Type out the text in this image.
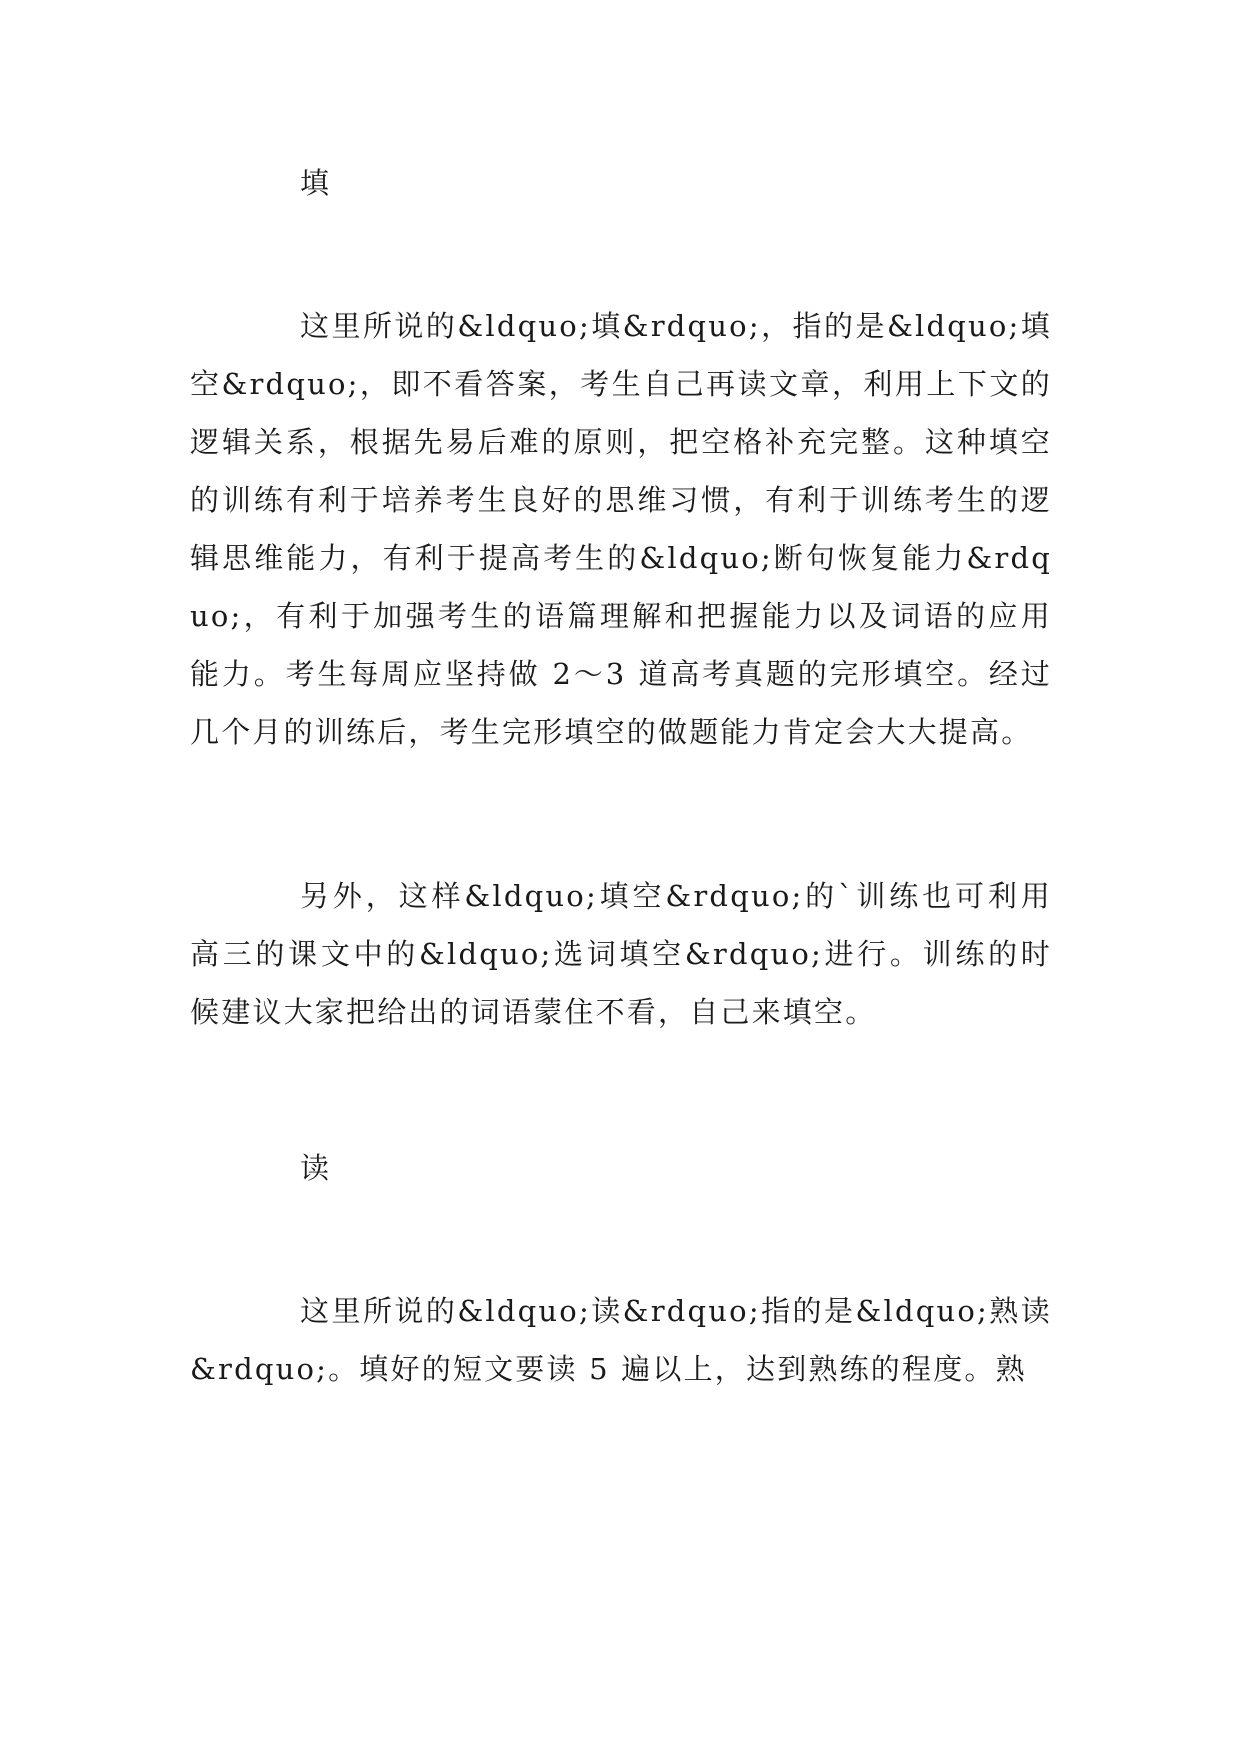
填

这里所说的&ldquo;填&rdquo;，指的是&ldquo;填空&rdquo;，即不看答案，考生自己再读文章，利用上下文的逻辑关系，根据先易后难的原则，把空格补充完整。这种填空的训练有利于培养考生良好的思维习惯，有利于训练考生的逻辑思维能力，有利于提高考生的&ldquo;断句恢复能力&rdquo;，有利于加强考生的语篇理解和把握能力以及词语的应用能力。考生每周应坚持做 2～3 道高考真题的完形填空。经过几个月的训练后，考生完形填空的做题能力肯定会大大提高。

另外，这样&ldquo;填空&rdquo;的`训练也可利用高三的课文中的&ldquo;选词填空&rdquo;进行。训练的时候建议大家把给出的词语蒙住不看，自己来填空。

读

这里所说的&ldquo;读&rdquo;指的是&ldquo;熟读&rdquo;。填好的短文要读 5 遍以上，达到熟练的程度。熟
